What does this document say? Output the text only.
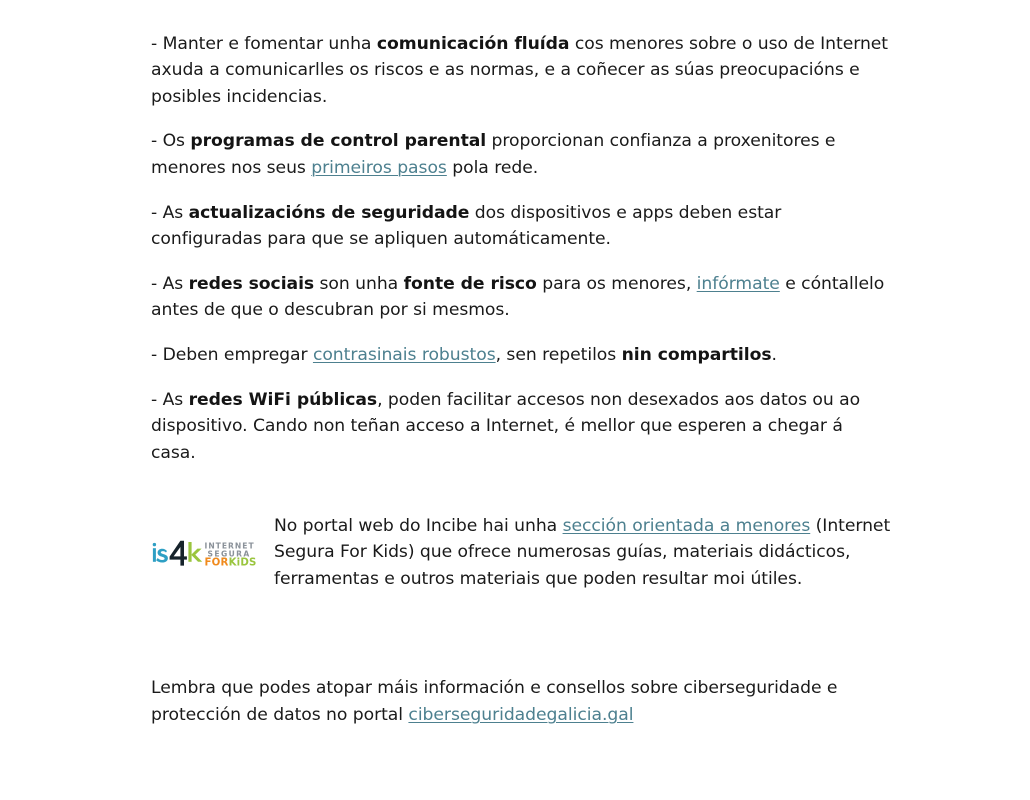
- Manter e fomentar unha comunicación fluída cos menores sobre o uso de Internet axuda a comunicarlles os riscos e as normas, e a coñecer as súas preocupacións e posibles incidencias.

- Os programas de control parental proporcionan confianza a proxenitores e menores nos seus primeiros pasos pola rede.

- As actualizacións de seguridade dos dispositivos e apps deben estar configuradas para que se apliquen automáticamente.

- As redes sociais son unha fonte de risco para os menores, infórmate e cóntallelo antes de que o descubran por si mesmos.

- Deben empregar contrasinais robustos, sen repetilos nin compartilos.

- As redes WiFi públicas, poden facilitar accesos non desexados aos datos ou ao dispositivo. Cando non teñan acceso a Internet, é mellor que esperen a chegar á casa.

INTERNET
SEGURA
FORKiDS

No portal web do Incibe hai unha sección orientada a menores (Internet Segura For Kids) que ofrece numerosas guías, materiais didácticos, ferramentas e outros materiais que poden resultar moi útiles.

Lembra que podes atopar máis información e consellos sobre ciberseguridade e protección de datos no portal ciberseguridadegalicia.gal
